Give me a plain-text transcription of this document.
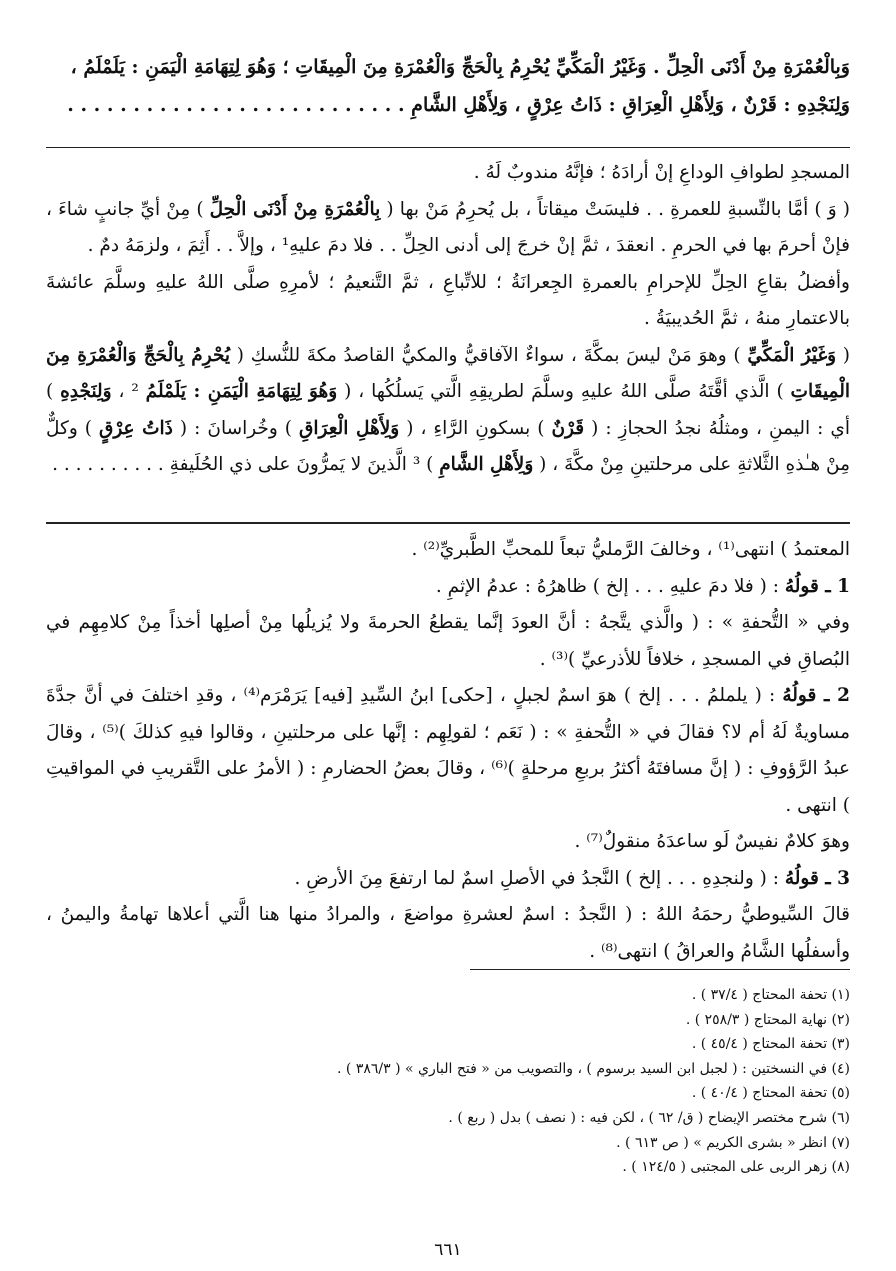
وَبِالْعُمْرَةِ مِنْ أَدْنَى الْحِلِّ . وَغَيْرُ الْمَكِّيِّ يُحْرِمُ بِالْحَجِّ وَالْعُمْرَةِ مِنَ الْمِيقَاتِ ؛ وَهُوَ لِتِهَامَةِ الْيَمَنِ : يَلَمْلَمُ ،

وَلِنَجْدِهِ : قَرْنٌ ، وَلِأَهْلِ الْعِرَاقِ : ذَاتُ عِرْقٍ ، وَلِأَهْلِ الشَّامِ . . . . . . . . . . . . . . . . . . . . . . . . . .

المسجدِ لطوافِ الوداعِ إنْ أرادَهُ ؛ فإنَّهُ مندوبٌ لَهُ .

( وَ ) أمَّا بالنِّسبةِ للعمرةِ . . فليسَتْ ميقاتاً ، بل يُحرِمُ مَنْ بها ( بِالْعُمْرَةِ مِنْ أَدْنَى الْحِلِّ ) مِنْ أيِّ جانبٍ شاءَ ، فإنْ أحرمَ بها في الحرمِ . انعقدَ ، ثمَّ إنْ خرجَ إلى أدنى الحِلِّ . . فلا دمَ عليهِ¹ ، وإلاَّ . . أَثِمَ ، ولزمَهُ دمٌ .

وأفضلُ بقاعِ الحِلِّ للإحرامِ بالعمرةِ الجِعرانَةُ ؛ للاتِّباعِ ، ثمَّ التَّنعيمُ ؛ لأمرِهِ صلَّى اللهُ عليهِ وسلَّمَ عائشةَ بالاعتمارِ منهُ ، ثمَّ الحُديبيَةُ .

( وَغَيْرُ الْمَكِّيِّ ) وهوَ مَنْ ليسَ بمكَّةَ ، سواءٌ الآفاقيُّ والمكيُّ القاصدُ مكةَ للنُّسكِ ( يُحْرِمُ بِالْحَجِّ وَالْعُمْرَةِ مِنَ الْمِيقَاتِ ) الَّذي أقَّتَهُ صلَّى اللهُ عليهِ وسلَّمَ لطريقِهِ الَّتي يَسلُكُها ، ( وَهُوَ لِتِهَامَةِ الْيَمَنِ : يَلَمْلَمُ ² ، وَلِنَجْدِهِ ) أي : اليمنِ ، ومثلُهُ نجدُ الحجازِ : ( قَرْنٌ ) بسكونِ الرَّاءِ ، ( وَلِأَهْلِ الْعِرَاقِ ) وخُراسانَ : ( ذَاتُ عِرْقٍ ) وكلٌّ مِنْ هـٰذهِ الثَّلاثةِ على مرحلتينِ مِنْ مكَّةَ ، ( وَلِأَهْلِ الشَّامِ ) ³ الَّذينَ لا يَمرُّونَ على ذي الحُلَيفةِ . . . . . . . . . .

المعتمدُ ) انتهى⁽¹⁾ ، وخالفَ الرَّمليُّ تبعاً للمحبِّ الطَّبريِّ⁽²⁾ .

1 ـ قولُهُ : ( فلا دمَ عليهِ . . . إلخ ) ظاهرُهُ : عدمُ الإثمِ .

وفي « التُّحفةِ » : ( والَّذي يتَّجهُ : أنَّ العودَ إنَّما يقطعُ الحرمةَ ولا يُزيلُها مِنْ أصلِها أخذاً مِنْ كلامِهِم في البُصاقِ في المسجدِ ، خلافاً للأذرعيِّ )⁽³⁾ .

2 ـ قولُهُ : ( يلملمُ . . . إلخ ) هوَ اسمٌ لجبلٍ ، [حكى] ابنُ السِّيدِ [فيه] يَرَمْرَم⁽⁴⁾ ، وقدِ اختلفَ في أنَّ جدَّةَ مساويةٌ لَهُ أم لا؟ فقالَ في « التُّحفةِ » : ( نَعَم ؛ لقولِهِم : إنَّها على مرحلتينِ ، وقالوا فيهِ كذلكَ )⁽⁵⁾ ، وقالَ عبدُ الرَّؤوفِ : ( إنَّ مسافتَهُ أكثرُ بربعِ مرحلةٍ )⁽⁶⁾ ، وقالَ بعضُ الحضارمِ : ( الأمرُ على التَّقريبِ في المواقيتِ ) انتهى .

وهوَ كلامٌ نفيسٌ لَو ساعدَهُ منقولٌ⁽⁷⁾ .

3 ـ قولُهُ : ( ولنجدِهِ . . . إلخ ) النَّجدُ في الأصلِ اسمٌ لما ارتفعَ مِنَ الأرضِ .

قالَ السِّيوطيُّ رحمَهُ اللهُ : ( النَّجدُ : اسمٌ لعشرةِ مواضعَ ، والمرادُ منها هنا الَّتي أعلاها تهامةُ واليمنُ ، وأسفلُها الشَّامُ والعراقُ ) انتهى⁽⁸⁾ .

(١) تحفة المحتاج ( ٣٧/٤ ) .
(٢) نهاية المحتاج ( ٢٥٨/٣ ) .
(٣) تحفة المحتاج ( ٤٥/٤ ) .
(٤) في النسختين : ( لجبل ابن السيد برسوم ) ، والتصويب من « فتح الباري » ( ٣٨٦/٣ ) .
(٥) تحفة المحتاج ( ٤٠/٤ ) .
(٦) شرح مختصر الإيضاح ( ق/ ٦٢ ) ، لكن فيه : ( نصف ) بدل ( ربع ) .
(٧) انظر « بشرى الكريم » ( ص ٦١٣ ) .
(٨) زهر الربى على المجتبى ( ١٢٤/٥ ) .
٦٦١
